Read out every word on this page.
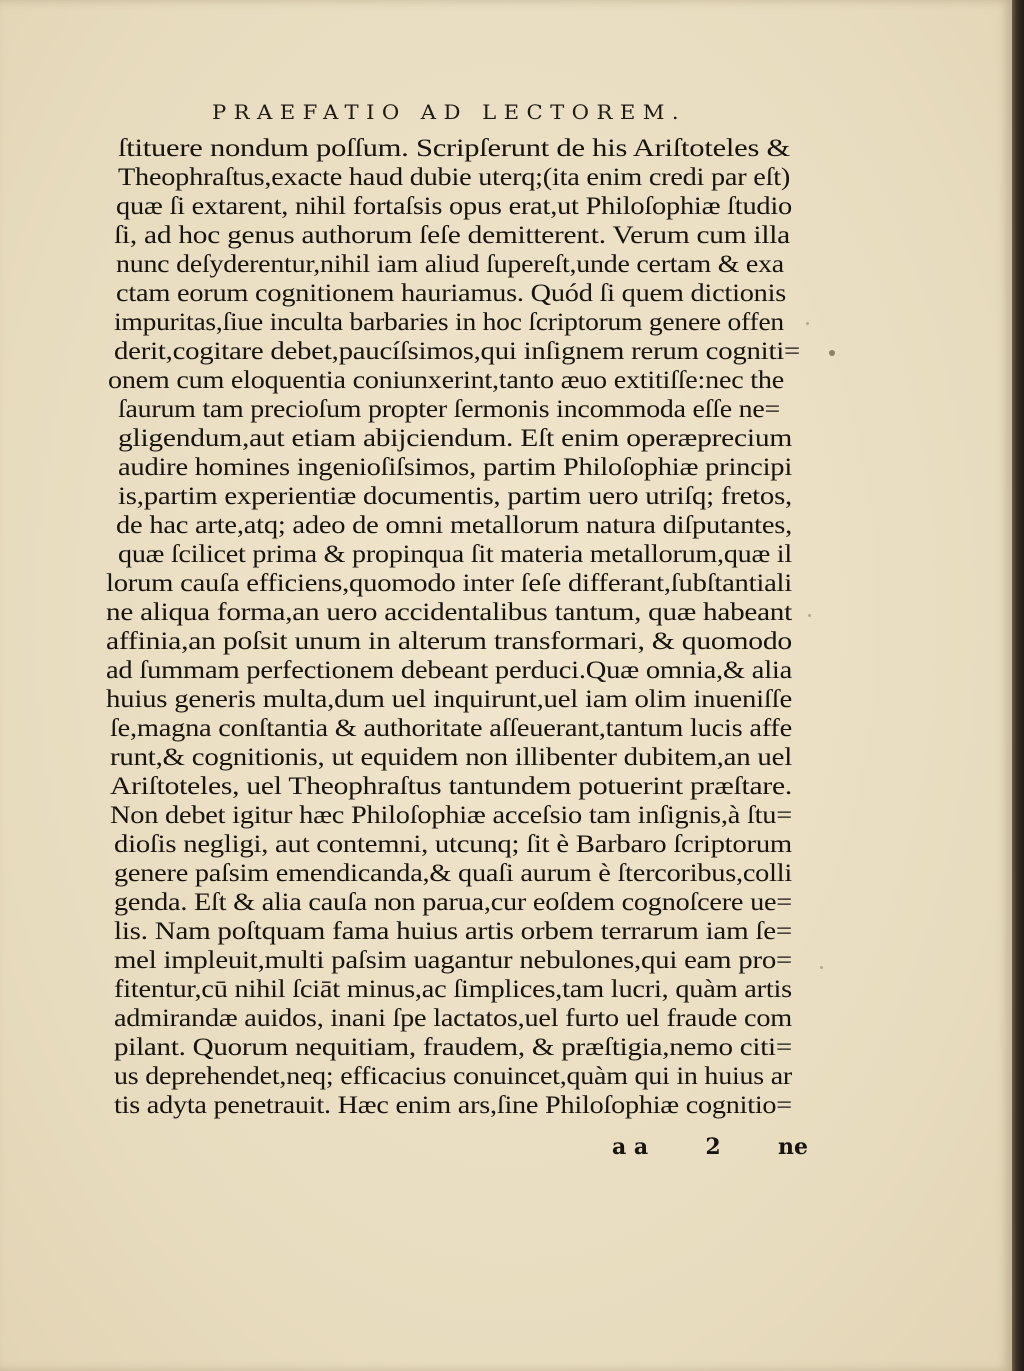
PRAEFATIO AD LECTOREM.
ſtituere nondum poſſum. Scripſerunt de his Ariſtoteles &
Theophraſtus,exacte haud dubie uterq;(ita enim credi par eſt)
quæ ſi extarent, nihil fortaſsis opus erat,ut Philoſophiæ ſtudio
ſi, ad hoc genus authorum ſeſe demitterent. Verum cum illa
nunc deſyderentur,nihil iam aliud ſupereſt,unde certam & exa
ctam eorum cognitionem hauriamus. Quód ſi quem dictionis
impuritas,ſiue inculta barbaries in hoc ſcriptorum genere offen
derit,cogitare debet,paucíſsimos,qui inſignem rerum cogniti=
onem cum eloquentia coniunxerint,tanto æuo extitiſſe:nec the
ſaurum tam precioſum propter ſermonis incommoda eſſe ne=
gligendum,aut etiam abijciendum. Eſt enim operæprecium
audire homines ingenioſiſsimos, partim Philoſophiæ principi
is,partim experientiæ documentis, partim uero utriſq; fretos,
de hac arte,atq; adeo de omni metallorum natura diſputantes,
quæ ſcilicet prima & propinqua ſit materia metallorum,quæ il
lorum cauſa efficiens,quomodo inter ſeſe differant,ſubſtantiali
ne aliqua forma,an uero accidentalibus tantum, quæ habeant
affinia,an poſsit unum in alterum transformari, & quomodo
ad ſummam perfectionem debeant perduci.Quæ omnia,& alia
huius generis multa,dum uel inquirunt,uel iam olim inueniſſe
ſe,magna conſtantia & authoritate aſſeuerant,tantum lucis affe
runt,& cognitionis, ut equidem non illibenter dubitem,an uel
Ariſtoteles, uel Theophraſtus tantundem potuerint præſtare.
Non debet igitur hæc Philoſophiæ acceſsio tam inſignis,à ſtu=
dioſis negligi, aut contemni, utcunq; ſit è Barbaro ſcriptorum
genere paſsim emendicanda,& quaſi aurum è ſtercoribus,colli
genda. Eſt & alia cauſa non parua,cur eoſdem cognoſcere ue=
lis. Nam poſtquam fama huius artis orbem terrarum iam ſe=
mel impleuit,multi paſsim uagantur nebulones,qui eam pro=
fitentur,cū nihil ſciāt minus,ac ſimplices,tam lucri, quàm artis
admirandæ auidos, inani ſpe lactatos,uel furto uel fraude com
pilant. Quorum nequitiam, fraudem, & præſtigia,nemo citi=
us deprehendet,neq; efficacius conuincet,quàm qui in huius ar
tis adyta penetrauit. Hæc enim ars,ſine Philoſophiæ cognitio=
a a	2	ne
